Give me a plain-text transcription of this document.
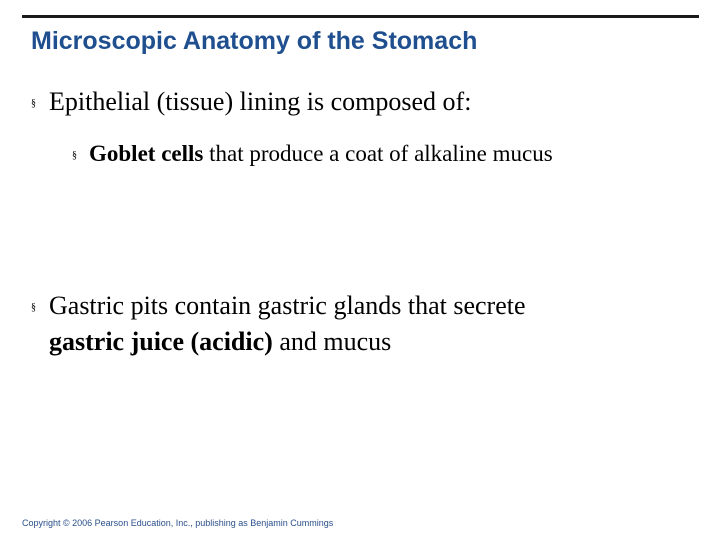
Microscopic Anatomy of the Stomach
§ Epithelial (tissue) lining is composed of:
§ Goblet cells that produce a coat of alkaline mucus
§ Gastric pits contain gastric glands that secrete
gastric juice (acidic) and mucus
Copyright © 2006 Pearson Education, Inc., publishing as Benjamin Cummings
